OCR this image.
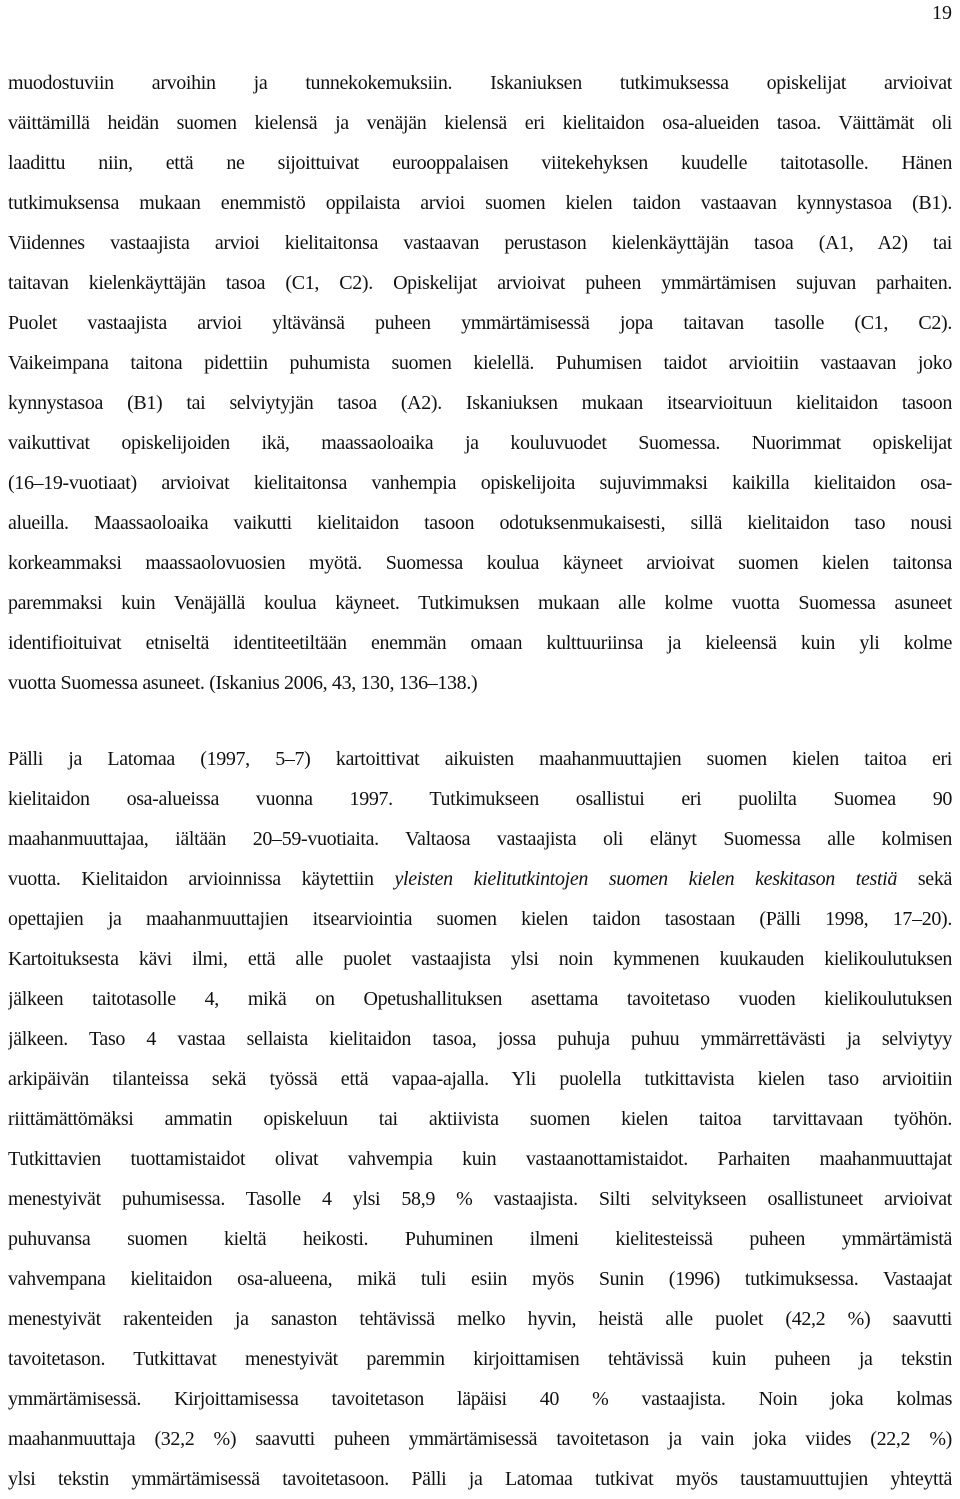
19
muodostuviin arvoihin ja tunnekokemuksiin. Iskaniuksen tutkimuksessa opiskelijat arvioivat
väittämillä heidän suomen kielensä ja venäjän kielensä eri kielitaidon osa-alueiden tasoa. Väittämät oli
laadittu niin, että ne sijoittuivat eurooppalaisen viitekehyksen kuudelle taitotasolle. Hänen
tutkimuksensa mukaan enemmistö oppilaista arvioi suomen kielen taidon vastaavan kynnystasoa (B1).
Viidennes vastaajista arvioi kielitaitonsa vastaavan perustason kielenkäyttäjän tasoa (A1, A2) tai
taitavan kielenkäyttäjän tasoa (C1, C2). Opiskelijat arvioivat puheen ymmärtämisen sujuvan parhaiten.
Puolet vastaajista arvioi yltävänsä puheen ymmärtämisessä jopa taitavan tasolle (C1, C2).
Vaikeimpana taitona pidettiin puhumista suomen kielellä. Puhumisen taidot arvioitiin vastaavan joko
kynnystasoa (B1) tai selviytyjän tasoa (A2). Iskaniuksen mukaan itsearvioituun kielitaidon tasoon
vaikuttivat opiskelijoiden ikä, maassaoloaika ja kouluvuodet Suomessa. Nuorimmat opiskelijat
(16–19-vuotiaat) arvioivat kielitaitonsa vanhempia opiskelijoita sujuvimmaksi kaikilla kielitaidon osa-
alueilla. Maassaoloaika vaikutti kielitaidon tasoon odotuksenmukaisesti, sillä kielitaidon taso nousi
korkeammaksi maassaolovuosien myötä. Suomessa koulua käyneet arvioivat suomen kielen taitonsa
paremmaksi kuin Venäjällä koulua käyneet. Tutkimuksen mukaan alle kolme vuotta Suomessa asuneet
identifioituivat etniseltä identiteetiltään enemmän omaan kulttuuriinsa ja kieleensä kuin yli kolme
vuotta Suomessa asuneet. (Iskanius 2006, 43, 130, 136–138.)
Pälli ja Latomaa (1997, 5–7) kartoittivat aikuisten maahanmuuttajien suomen kielen taitoa eri
kielitaidon osa-alueissa vuonna 1997. Tutkimukseen osallistui eri puolilta Suomea 90
maahanmuuttajaa, iältään 20–59-vuotiaita. Valtaosa vastaajista oli elänyt Suomessa alle kolmisen
vuotta. Kielitaidon arvioinnissa käytettiin yleisten kielitutkintojen suomen kielen keskitason testiä sekä
opettajien ja maahanmuuttajien itsearviointia suomen kielen taidon tasostaan (Pälli 1998, 17–20).
Kartoituksesta kävi ilmi, että alle puolet vastaajista ylsi noin kymmenen kuukauden kielikoulutuksen
jälkeen taitotasolle 4, mikä on Opetushallituksen asettama tavoitetaso vuoden kielikoulutuksen
jälkeen. Taso 4 vastaa sellaista kielitaidon tasoa, jossa puhuja puhuu ymmärrettävästi ja selviytyy
arkipäivän tilanteissa sekä työssä että vapaa-ajalla. Yli puolella tutkittavista kielen taso arvioitiin
riittämättömäksi ammatin opiskeluun tai aktiivista suomen kielen taitoa tarvittavaan työhön.
Tutkittavien tuottamistaidot olivat vahvempia kuin vastaanottamistaidot. Parhaiten maahanmuuttajat
menestyivät puhumisessa. Tasolle 4 ylsi 58,9 % vastaajista. Silti selvitykseen osallistuneet arvioivat
puhuvansa suomen kieltä heikosti. Puhuminen ilmeni kielitesteissä puheen ymmärtämistä
vahvempana kielitaidon osa-alueena, mikä tuli esiin myös Sunin (1996) tutkimuksessa. Vastaajat
menestyivät rakenteiden ja sanaston tehtävissä melko hyvin, heistä alle puolet (42,2 %) saavutti
tavoitetason. Tutkittavat menestyivät paremmin kirjoittamisen tehtävissä kuin puheen ja tekstin
ymmärtämisessä. Kirjoittamisessa tavoitetason läpäisi 40 % vastaajista. Noin joka kolmas
maahanmuuttaja (32,2 %) saavutti puheen ymmärtämisessä tavoitetason ja vain joka viides (22,2 %)
ylsi tekstin ymmärtämisessä tavoitetasoon. Pälli ja Latomaa tutkivat myös taustamuuttujien yhteyttä
